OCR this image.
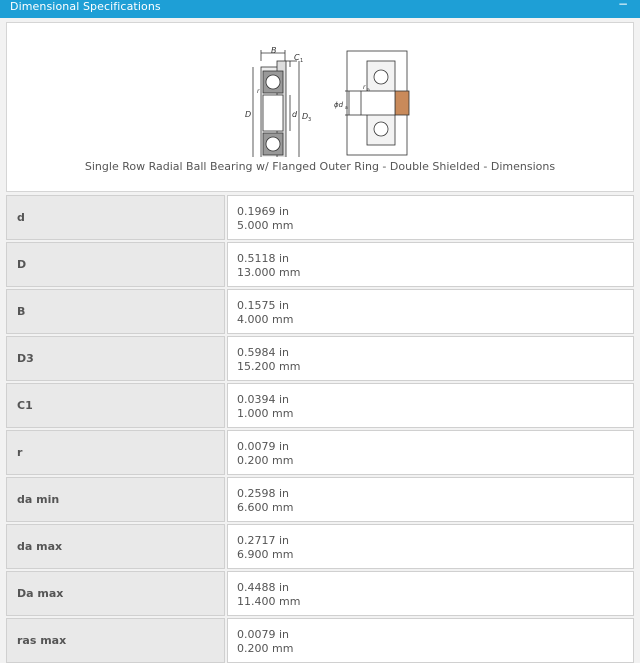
Dimensional Specifications	−
B
C 1
r
D	d D 3
ϕd a
r a
Single Row Radial Ball Bearing w/ Flanged Outer Ring - Double Shielded - Dimensions
d	0.1969 in
5.000 mm
D	0.5118 in
13.000 mm
B	0.1575 in
4.000 mm
D3	0.5984 in
15.200 mm
C1	0.0394 in
1.000 mm
r	0.0079 in
0.200 mm
da min	0.2598 in
6.600 mm
da max	0.2717 in
6.900 mm
Da max	0.4488 in
11.400 mm
ras max	0.0079 in
0.200 mm
